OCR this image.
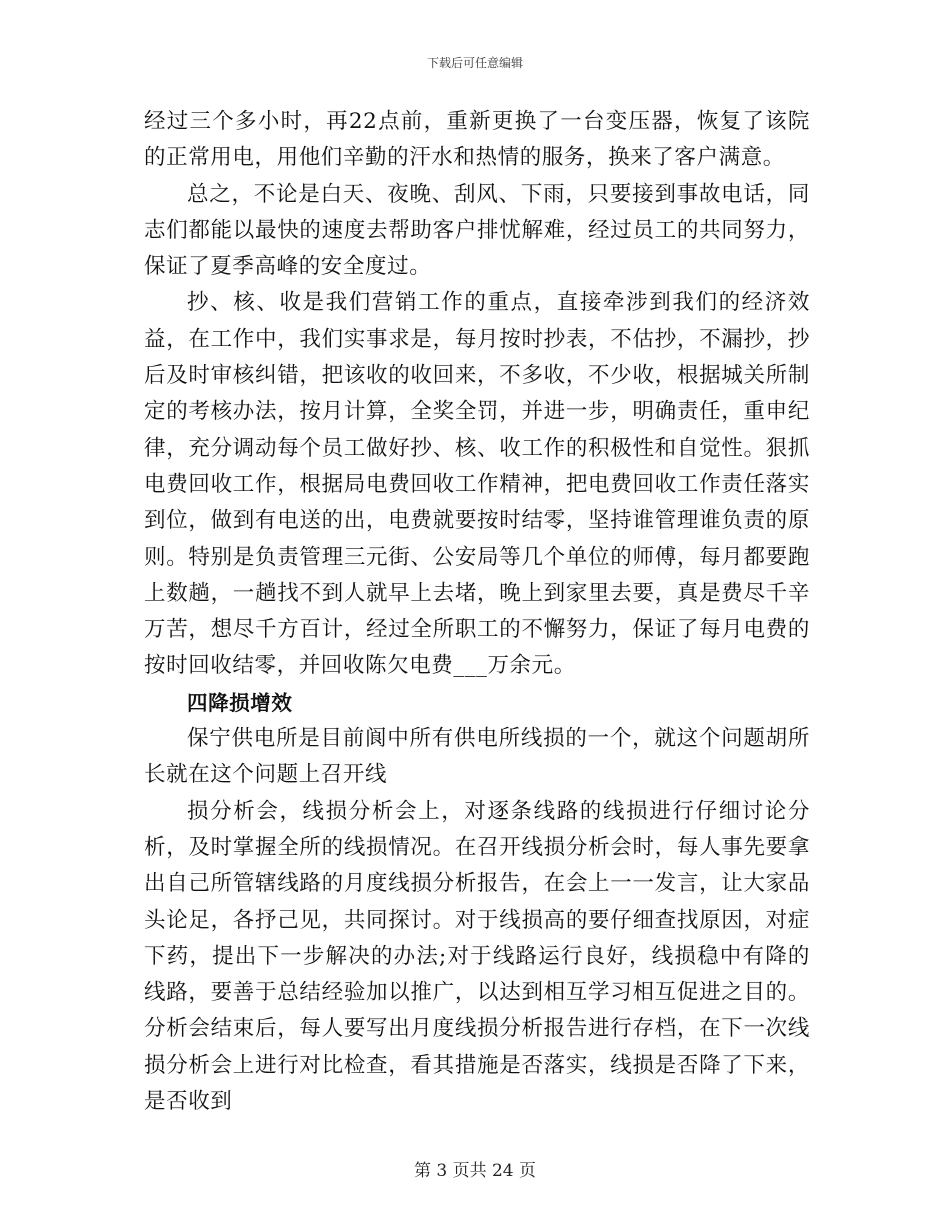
下载后可任意编辑

经过三个多小时，再22点前，重新更换了一台变压器，恢复了该院的正常用电，用他们辛勤的汗水和热情的服务，换来了客户满意。

总之，不论是白天、夜晚、刮风、下雨，只要接到事故电话，同志们都能以最快的速度去帮助客户排忧解难，经过员工的共同努力，保证了夏季高峰的安全度过。

抄、核、收是我们营销工作的重点，直接牵涉到我们的经济效益，在工作中，我们实事求是，每月按时抄表，不估抄，不漏抄，抄后及时审核纠错，把该收的收回来，不多收，不少收，根据城关所制定的考核办法，按月计算，全奖全罚，并进一步，明确责任，重申纪律，充分调动每个员工做好抄、核、收工作的积极性和自觉性。狠抓电费回收工作，根据局电费回收工作精神，把电费回收工作责任落实到位，做到有电送的出，电费就要按时结零，坚持谁管理谁负责的原则。特别是负责管理三元街、公安局等几个单位的师傅，每月都要跑上数趟，一趟找不到人就早上去堵，晚上到家里去要，真是费尽千辛万苦，想尽千方百计，经过全所职工的不懈努力，保证了每月电费的按时回收结零，并回收陈欠电费___万余元。

四降损增效

保宁供电所是目前阆中所有供电所线损的一个，就这个问题胡所长就在这个问题上召开线

损分析会，线损分析会上，对逐条线路的线损进行仔细讨论分析，及时掌握全所的线损情况。在召开线损分析会时，每人事先要拿出自己所管辖线路的月度线损分析报告，在会上一一发言，让大家品头论足，各抒己见，共同探讨。对于线损高的要仔细查找原因，对症下药，提出下一步解决的办法;对于线路运行良好，线损稳中有降的线路，要善于总结经验加以推广，以达到相互学习相互促进之目的。分析会结束后，每人要写出月度线损分析报告进行存档，在下一次线损分析会上进行对比检查，看其措施是否落实，线损是否降了下来，是否收到

第 3 页共 24 页
